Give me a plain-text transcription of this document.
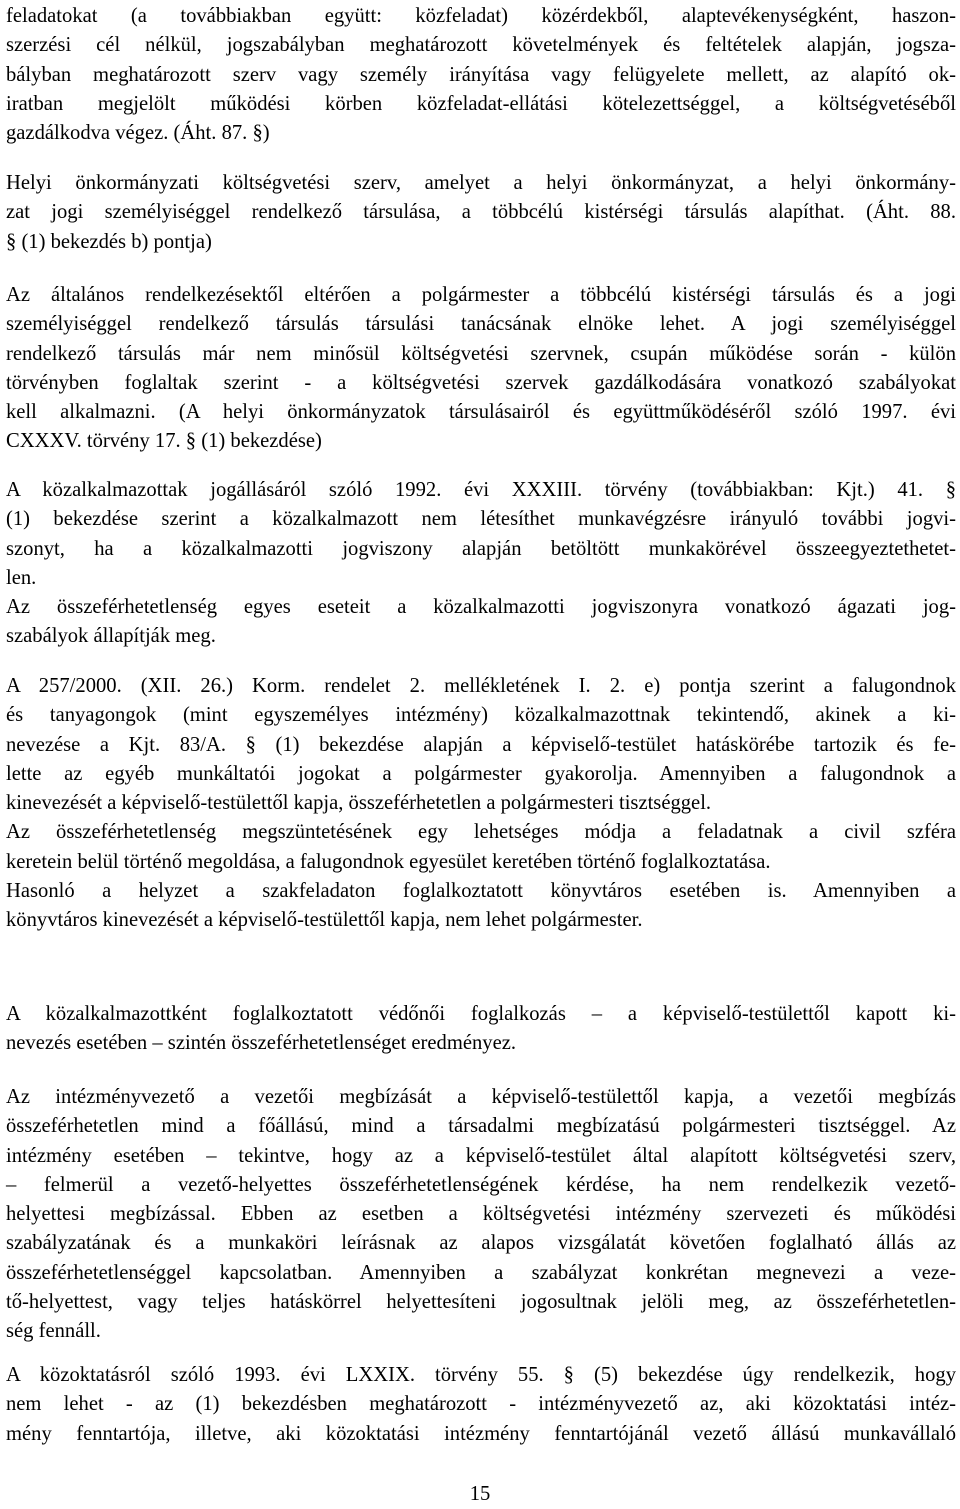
feladatokat (a továbbiakban együtt: közfeladat) közérdekből, alaptevékenységként, haszon-
szerzési cél nélkül, jogszabályban meghatározott követelmények és feltételek alapján, jogsza-
bályban meghatározott szerv vagy személy irányítása vagy felügyelete mellett, az alapító ok-
iratban megjelölt működési körben közfeladat-ellátási kötelezettséggel, a költségvetéséből
gazdálkodva végez. (Áht. 87. §)
Helyi önkormányzati költségvetési szerv, amelyet a helyi önkormányzat, a helyi önkormány-
zat jogi személyiséggel rendelkező társulása, a többcélú kistérségi társulás alapíthat. (Áht. 88.
§ (1) bekezdés b) pontja)
Az általános rendelkezésektől eltérően a polgármester a többcélú kistérségi társulás és a jogi
személyiséggel rendelkező társulás társulási tanácsának elnöke lehet. A jogi személyiséggel
rendelkező társulás már nem minősül költségvetési szervnek, csupán működése során - külön
törvényben foglaltak szerint - a költségvetési szervek gazdálkodására vonatkozó szabályokat
kell alkalmazni. (A helyi önkormányzatok társulásairól és együttműködéséről szóló 1997. évi
CXXXV. törvény 17. § (1) bekezdése)
A közalkalmazottak jogállásáról szóló 1992. évi XXXIII. törvény (továbbiakban: Kjt.) 41. §
(1) bekezdése szerint a közalkalmazott nem létesíthet munkavégzésre irányuló további jogvi-
szonyt, ha a közalkalmazotti jogviszony alapján betöltött munkakörével összeegyeztethetet-
len.
Az összeférhetetlenség egyes eseteit a közalkalmazotti jogviszonyra vonatkozó ágazati jog-
szabályok állapítják meg.
A 257/2000. (XII. 26.) Korm. rendelet 2. mellékletének I. 2. e) pontja szerint a falugondnok
és tanyagongok (mint egyszemélyes intézmény) közalkalmazottnak tekintendő, akinek a ki-
nevezése a Kjt. 83/A. § (1) bekezdése alapján a képviselő-testület hatáskörébe tartozik és fe-
lette az egyéb munkáltatói jogokat a polgármester gyakorolja. Amennyiben a falugondnok a
kinevezését a képviselő-testülettől kapja, összeférhetetlen a polgármesteri tisztséggel.
Az összeférhetetlenség megszüntetésének egy lehetséges módja a feladatnak a civil szféra
keretein belül történő megoldása, a falugondnok egyesület keretében történő foglalkoztatása.
Hasonló a helyzet a szakfeladaton foglalkoztatott könyvtáros esetében is. Amennyiben a
könyvtáros kinevezését a képviselő-testülettől kapja, nem lehet polgármester.
A közalkalmazottként foglalkoztatott védőnői foglalkozás – a képviselő-testülettől kapott ki-
nevezés esetében – szintén összeférhetetlenséget eredményez.
Az intézményvezető a vezetői megbízását a képviselő-testülettől kapja, a vezetői megbízás
összeférhetetlen mind a főállású, mind a társadalmi megbízatású polgármesteri tisztséggel. Az
intézmény esetében – tekintve, hogy az a képviselő-testület által alapított költségvetési szerv,
– felmerül a vezető-helyettes összeférhetetlenségének kérdése, ha nem rendelkezik vezető-
helyettesi megbízással. Ebben az esetben a költségvetési intézmény szervezeti és működési
szabályzatának és a munkaköri leírásnak az alapos vizsgálatát követően foglalható állás az
összeférhetetlenséggel kapcsolatban. Amennyiben a szabályzat konkrétan megnevezi a veze-
tő-helyettest, vagy teljes hatáskörrel helyettesíteni jogosultnak jelöli meg, az összeférhetetlen-
ség fennáll.
A közoktatásról szóló 1993. évi LXXIX. törvény 55. § (5) bekezdése úgy rendelkezik, hogy
nem lehet - az (1) bekezdésben meghatározott - intézményvezető az, aki közoktatási intéz-
mény fenntartója, illetve, aki közoktatási intézmény fenntartójánál vezető állású munkavállaló
15
